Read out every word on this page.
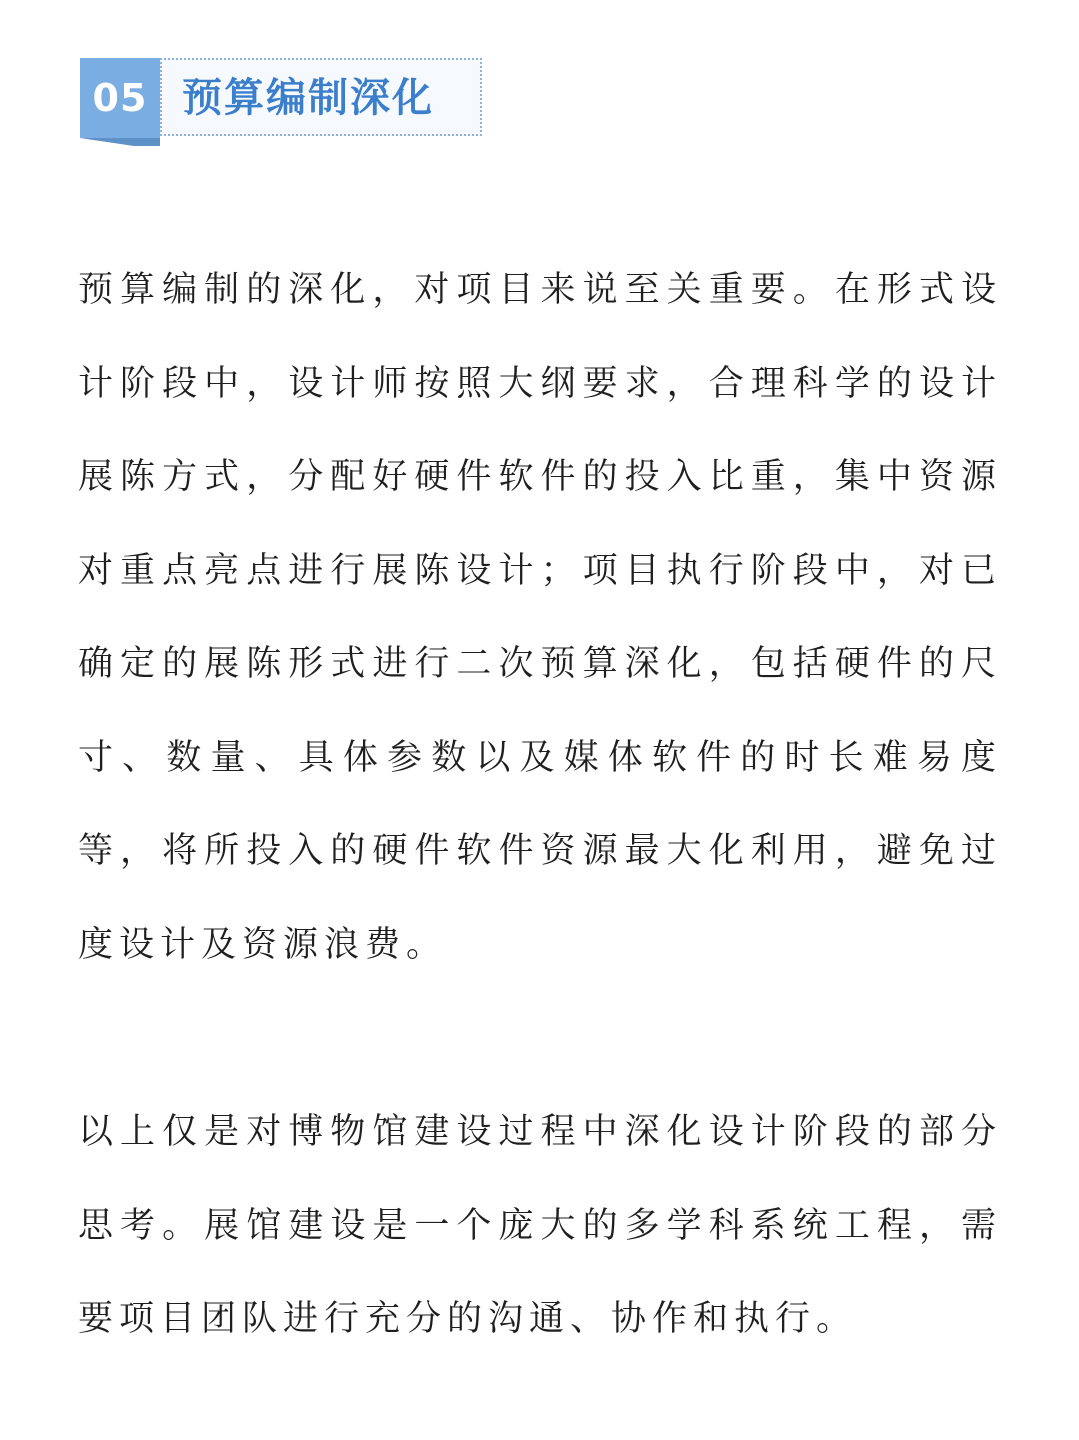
05 预算编制深化

预算编制的深化，对项目来说至关重要。在形式设计阶段中，设计师按照大纲要求，合理科学的设计展陈方式，分配好硬件软件的投入比重，集中资源对重点亮点进行展陈设计；项目执行阶段中，对已确定的展陈形式进行二次预算深化，包括硬件的尺寸、数量、具体参数以及媒体软件的时长难易度等，将所投入的硬件软件资源最大化利用，避免过度设计及资源浪费。

以上仅是对博物馆建设过程中深化设计阶段的部分思考。展馆建设是一个庞大的多学科系统工程，需要项目团队进行充分的沟通、协作和执行。
